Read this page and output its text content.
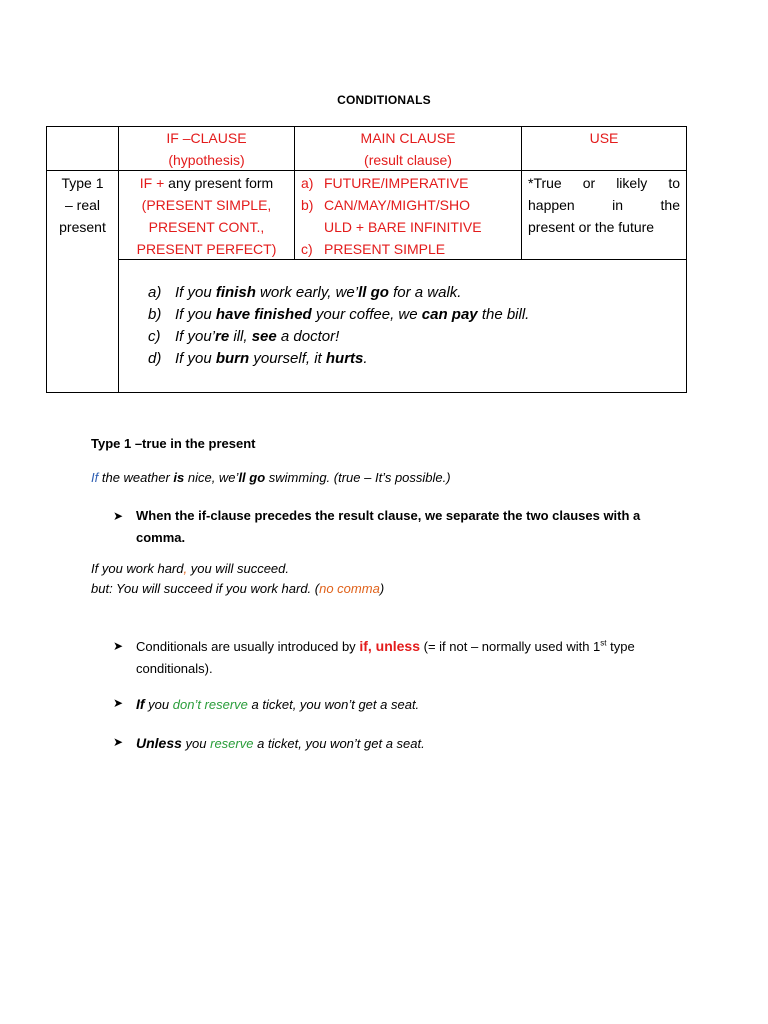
CONDITIONALS
IF –CLAUSE
(hypothesis)
MAIN CLAUSE
(result clause)
USE
Type 1
– real
present
IF + any present form
(PRESENT SIMPLE,
PRESENT CONT.,
PRESENT PERFECT)
a) FUTURE/IMPERATIVE
b) CAN/MAY/MIGHT/SHO
ULD + BARE INFINITIVE
c) PRESENT SIMPLE
*True or likely to
happen in the
present or the future
a) If you finish work early, we’ll go for a walk.
b) If you have finished your coffee, we can pay the bill.
c) If you’re ill, see a doctor!
d) If you burn yourself, it hurts.
Type 1 –true in the present
If the weather is nice, we’ll go swimming. (true – It’s possible.)
➤ When the if-clause precedes the result clause, we separate the two clauses with a comma.
If you work hard, you will succeed.
but: You will succeed if you work hard. (no comma)
➤ Conditionals are usually introduced by if, unless (= if not – normally used with 1st type conditionals).
➤ If you don’t reserve a ticket, you won’t get a seat.
➤ Unless you reserve a ticket, you won’t get a seat.
